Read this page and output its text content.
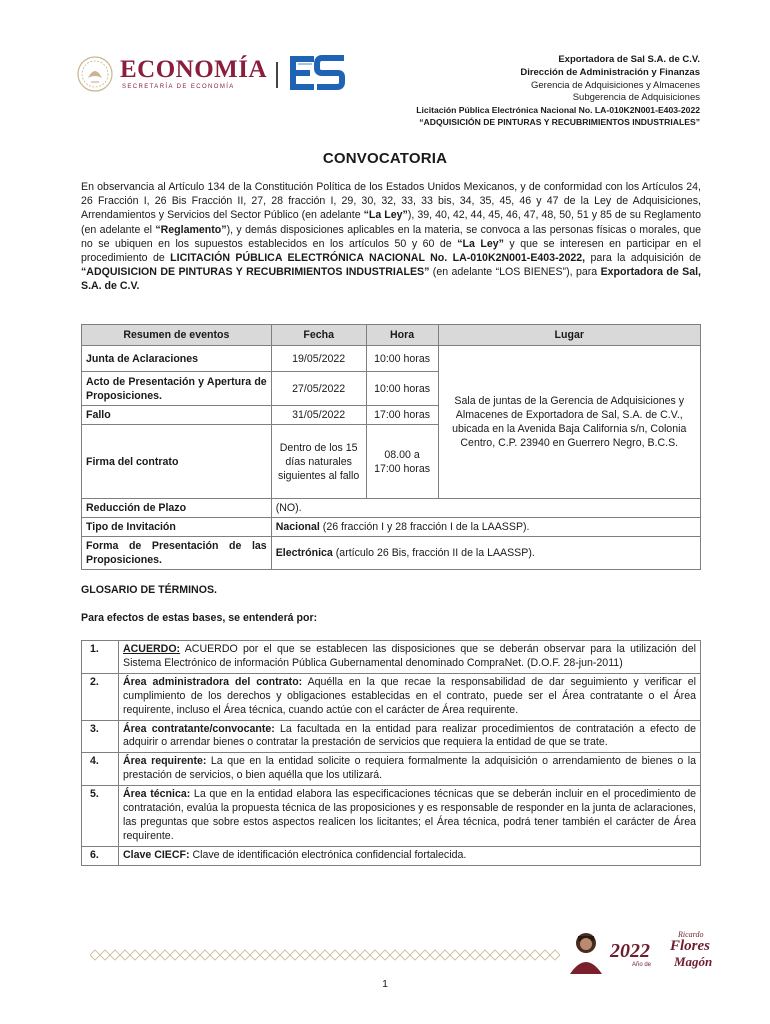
ECONOMÍA
SECRETARÍA DE ECONOMÍA
Exportadora de Sal S.A. de C.V.
Dirección de Administración y Finanzas
Gerencia de Adquisiciones y Almacenes
Subgerencia de Adquisiciones
Licitación Pública Electrónica Nacional No. LA-010K2N001-E403-2022
“ADQUISICIÓN DE PINTURAS Y RECUBRIMIENTOS INDUSTRIALES”
CONVOCATORIA
En observancia al Artículo 134 de la Constitución Política de los Estados Unidos Mexicanos, y de conformidad con los Artículos 24, 26 Fracción I, 26 Bis Fracción II, 27, 28 fracción I, 29, 30, 32, 33, 33 bis, 34, 35, 45, 46 y 47 de la Ley de Adquisiciones, Arrendamientos y Servicios del Sector Público (en adelante “La Ley”), 39, 40, 42, 44, 45, 46, 47, 48, 50, 51 y 85 de su Reglamento (en adelante el “Reglamento”), y demás disposiciones aplicables en la materia, se convoca a las personas físicas o morales, que no se ubiquen en los supuestos establecidos en los artículos 50 y 60 de “La Ley” y que se interesen en participar en el procedimiento de LICITACIÓN PÚBLICA ELECTRÓNICA NACIONAL No. LA-010K2N001-E403-2022, para la adquisición de “ADQUISICION DE PINTURAS Y RECUBRIMIENTOS INDUSTRIALES” (en adelante “LOS BIENES”), para Exportadora de Sal, S.A. de C.V.
Resumen de eventos	Fecha	Hora	Lugar
Junta de Aclaraciones	19/05/2022	10:00 horas	Sala de juntas de la Gerencia de Adquisiciones y Almacenes de Exportadora de Sal, S.A. de C.V., ubicada en la Avenida Baja California s/n, Colonia Centro, C.P. 23940 en Guerrero Negro, B.C.S.
Acto de Presentación y Apertura de Proposiciones.	27/05/2022	10:00 horas	
Fallo	31/05/2022	17:00 horas	
Firma del contrato	Dentro de los 15 días naturales siguientes al fallo	08.00 a 17:00 horas	
Reducción de Plazo	(NO).		
Tipo de Invitación	Nacional (26 fracción I y 28 fracción I de la LAASSP).		
Forma de Presentación de las Proposiciones.	Electrónica (artículo 26 Bis, fracción II de la LAASSP).		
GLOSARIO DE TÉRMINOS.
Para efectos de estas bases, se entenderá por:
1.	ACUERDO: ACUERDO por el que se establecen las disposiciones que se deberán observar para la utilización del Sistema Electrónico de información Pública Gubernamental denominado CompraNet. (D.O.F. 28-jun-2011)
2.	Área administradora del contrato: Aquélla en la que recae la responsabilidad de dar seguimiento y verificar el cumplimiento de los derechos y obligaciones establecidas en el contrato, puede ser el Área contratante o el Área requirente, incluso el Área técnica, cuando actúe con el carácter de Área requirente.
3.	Área contratante/convocante: La facultada en la entidad para realizar procedimientos de contratación a efecto de adquirir o arrendar bienes o contratar la prestación de servicios que requiera la entidad de que se trate.
4.	Área requirente: La que en la entidad solicite o requiera formalmente la adquisición o arrendamiento de bienes o la prestación de servicios, o bien aquélla que los utilizará.
5.	Área técnica: La que en la entidad elabora las especificaciones técnicas que se deberán incluir en el procedimiento de contratación, evalúa la propuesta técnica de las proposiciones y es responsable de responder en la junta de aclaraciones, las preguntas que sobre estos aspectos realicen los licitantes; el Área técnica, podrá tener también el carácter de Área requirente.
6.	Clave CIECF: Clave de identificación electrónica confidencial fortalecida.
2022
Año de
Ricardo
Flores
Magón
1
